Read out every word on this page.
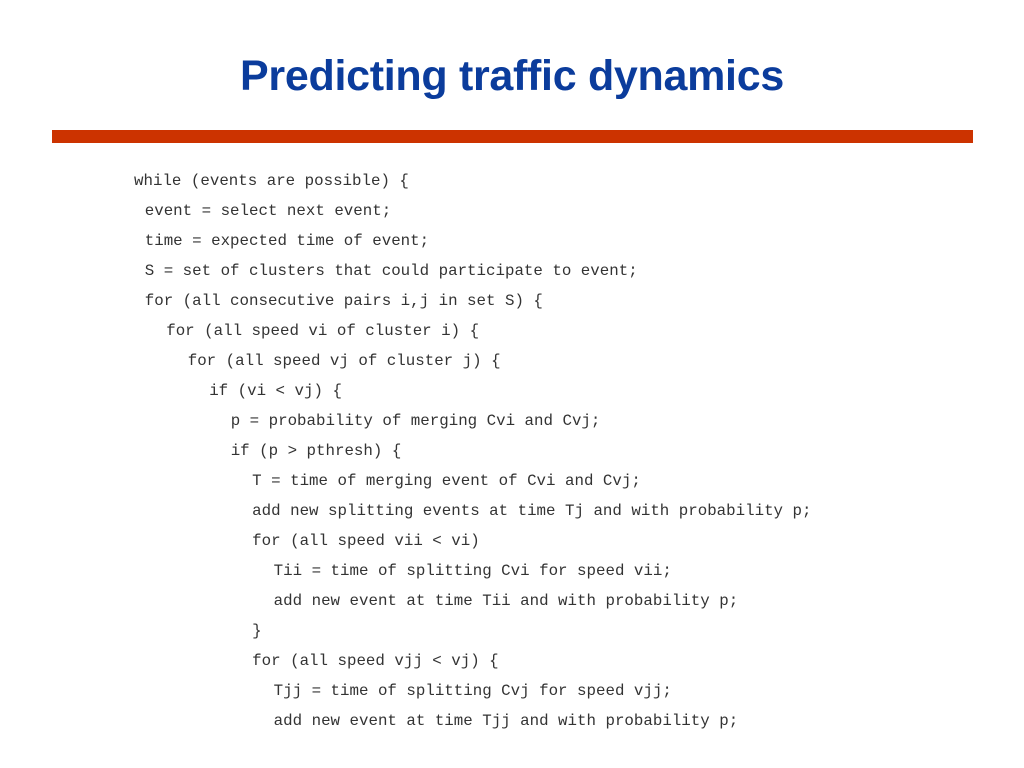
Predicting traffic dynamics
while (events are possible) {
event = select next event;
time = expected time of event;
S = set of clusters that could participate to event;
for (all consecutive pairs i,j in set S) {
for (all speed vi of cluster i) {
for (all speed vj of cluster j) {
if (vi < vj) {
p = probability of merging Cvi and Cvj;
if (p > pthresh) {
T = time of merging event of Cvi and Cvj;
add new splitting events at time Tj and with probability p;
for (all speed vii < vi)
Tii = time of splitting Cvi for speed vii;
add new event at time Tii and with probability p;
}
for (all speed vjj < vj) {
Tjj = time of splitting Cvj for speed vjj;
add new event at time Tjj and with probability p;
